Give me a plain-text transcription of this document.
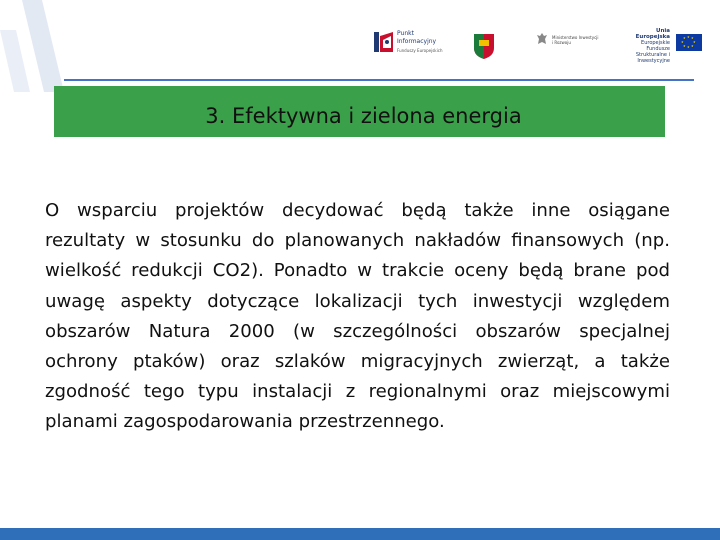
Punkt Informacyjny
Funduszy Europejskich
Ministerstwo Inwestycji i Rozwoju
Unia Europejska
Europejskie Fundusze Strukturalne i Inwestycyjne
★ ★
★
★
★
★
★
★
3. Efektywna i zielona energia

O wsparciu projektów decydować będą także inne osiągane rezultaty w stosunku do planowanych nakładów finansowych (np. wielkość redukcji CO2). Ponadto w trakcie oceny będą brane pod uwagę aspekty dotyczące lokalizacji tych inwestycji względem obszarów Natura 2000 (w szczególności obszarów specjalnej ochrony ptaków) oraz szlaków migracyjnych zwierząt, a także zgodność tego typu instalacji z regionalnymi oraz miejscowymi planami zagospodarowania przestrzennego.
